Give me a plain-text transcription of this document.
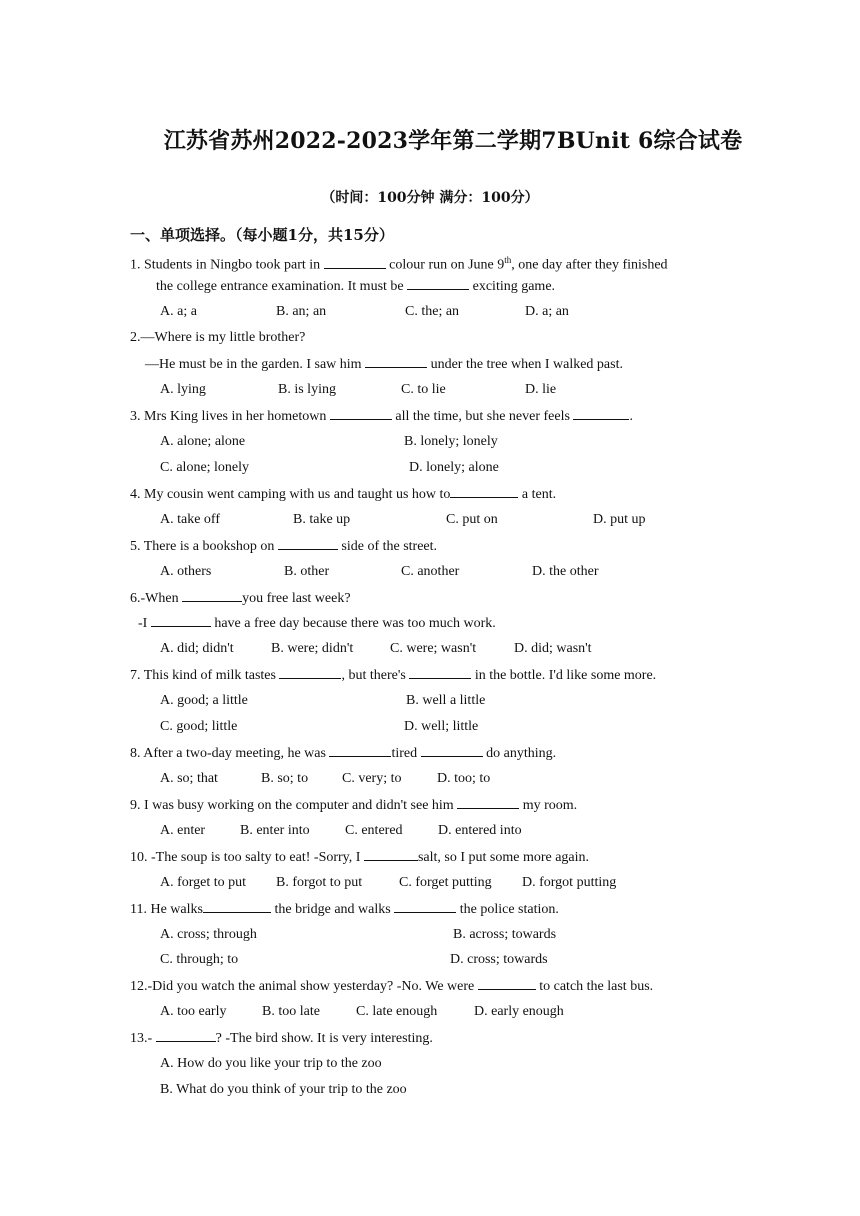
江苏省苏州2022-2023学年第二学期7BUnit 6综合试卷
（时间：100分钟 满分：100分）
一、单项选择。（每小题1分，共15分）
1. Students in Ningbo took part in	colour run on June 9th, one day after they finished
the college entrance examination. It must be	exciting game.
A. a; a	B. an; an	C. the; an	D. a; an
2.—Where is my little brother?
—He must be in the garden. I saw him	under the tree when I walked past.
A. lying	B. is lying	C. to lie	D. lie
3. Mrs King lives in her hometown	all the time, but she never feels	.
A. alone; alone	B. lonely; lonely
C. alone; lonely	D. lonely; alone
4. My cousin went camping with us and taught us how to	a tent.
A. take off	B. take up	C. put on	D. put up
5. There is a bookshop on	side of the street.
A. others	B. other	C. another	D. the other
6.-When	you free last week?
-I	have a free day because there was too much work.
A. did; didn't	B. were; didn't	C. were; wasn't	D. did; wasn't
7. This kind of milk tastes	, but there's	in the bottle. I'd like some more.
A. good; a little	B. well a little
C. good; little	D. well; little
8. After a two-day meeting, he was	tired	do anything.
A. so; that	B. so; to C. very; to	D. too; to
9. I was busy working on the computer and didn't see him	my room.
A. enter B. enter into	C. entered	D. entered into
10. -The soup is too salty to eat! -Sorry, I	salt, so I put some more again.
A. forget to put B. forgot to put	C. forget putting D. forgot putting
11. He walks	the bridge and walks	the police station.
A. cross; through	B. across; towards
C. through; to	D. cross; towards
12.-Did you watch the animal show yesterday? -No. We were	to catch the last bus.
A. too early	B. too late	C. late enough	D. early enough
13.-	? -The bird show. It is very interesting.
A. How do you like your trip to the zoo
B. What do you think of your trip to the zoo
